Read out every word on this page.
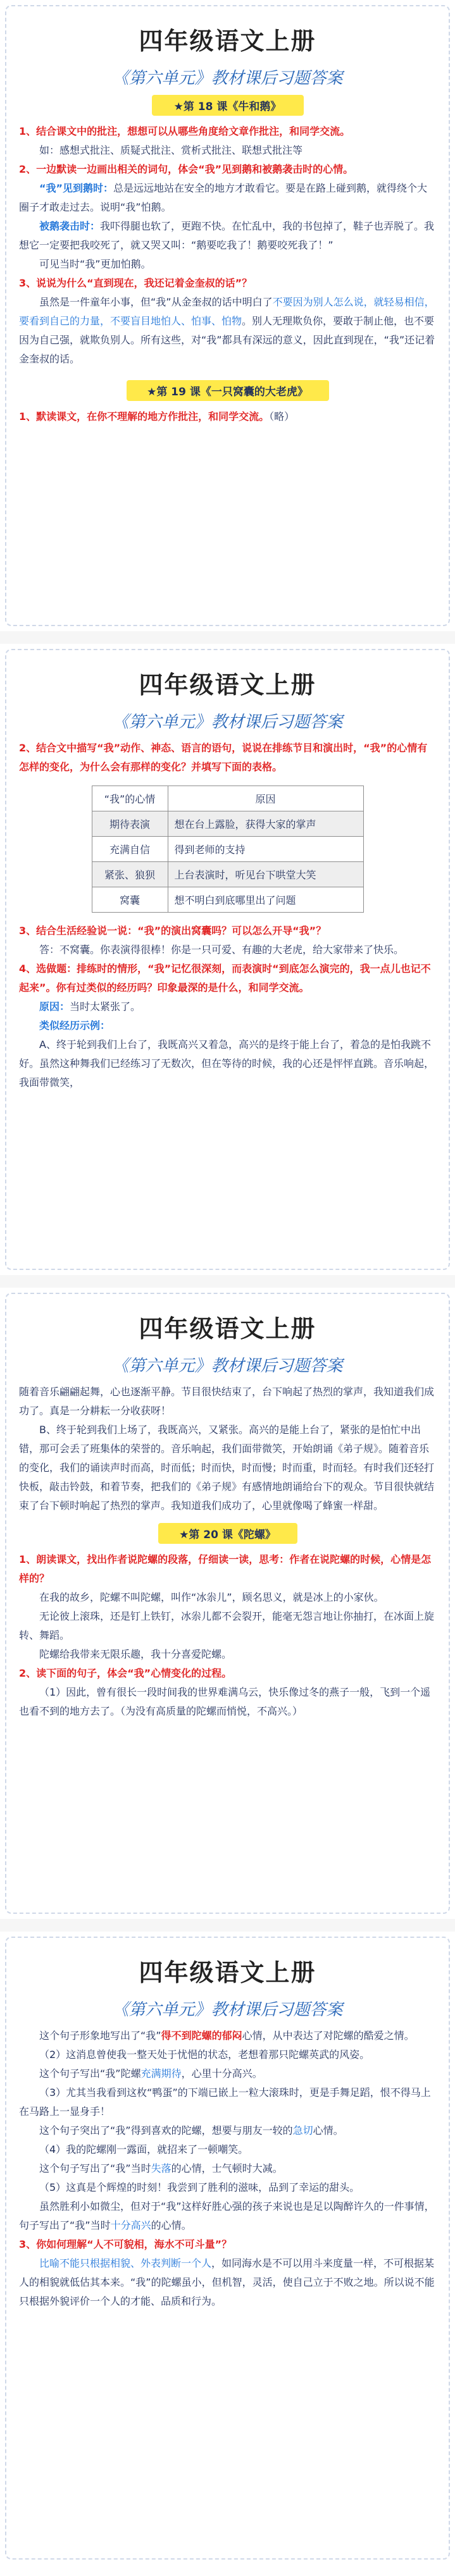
四年级语文上册
《第六单元》教材课后习题答案
★第 18 课《牛和鹅》

1、结合课文中的批注，想想可以从哪些角度给文章作批注，和同学交流。

如：感想式批注、质疑式批注、赏析式批注、联想式批注等

2、一边默读一边画出相关的词句，体会“我”见到鹅和被鹅袭击时的心情。

“我”见到鹅时：总是远远地站在安全的地方才敢看它。要是在路上碰到鹅，就得绕个大圈子才敢走过去。说明“我”怕鹅。

被鹅袭击时：我吓得腿也软了，更跑不快。在忙乱中，我的书包掉了，鞋子也弄脱了。我想它一定要把我咬死了，就又哭又叫：“鹅要吃我了！鹅要咬死我了！”

可见当时“我”更加怕鹅。

3、说说为什么“直到现在，我还记着金奎叔的话”？

虽然是一件童年小事，但“我”从金奎叔的话中明白了不要因为别人怎么说，就轻易相信，要看到自己的力量，不要盲目地怕人、怕事、怕物。别人无理欺负你，要敢于制止他，也不要因为自己强，就欺负别人。所有这些，对“我”都具有深远的意义，因此直到现在，“我”还记着金奎叔的话。

★第 19 课《一只窝囊的大老虎》

1、默读课文，在你不理解的地方作批注，和同学交流。（略）

四年级语文上册
《第六单元》教材课后习题答案

2、结合文中描写“我”动作、神态、语言的语句，说说在排练节目和演出时，“我”的心情有怎样的变化，为什么会有那样的变化？并填写下面的表格。

“我”的心情	原因
期待表演	想在台上露脸，获得大家的掌声
充满自信	得到老师的支持
紧张、狼狈	上台表演时，听见台下哄堂大笑
窝囊	想不明白到底哪里出了问题

3、结合生活经验说一说：“我”的演出窝囊吗？可以怎么开导“我”？

答：不窝囊。你表演得很棒！你是一只可爱、有趣的大老虎，给大家带来了快乐。

4、选做题：排练时的情形，“我”记忆很深刻，而表演时“到底怎么演完的，我一点儿也记不起来”。你有过类似的经历吗？印象最深的是什么，和同学交流。

原因：当时太紧张了。

类似经历示例：

A、终于轮到我们上台了，我既高兴又着急，高兴的是终于能上台了，着急的是怕我跳不好。虽然这种舞我们已经练习了无数次，但在等待的时候，我的心还是怦怦直跳。音乐响起，我面带微笑，

四年级语文上册
《第六单元》教材课后习题答案

随着音乐翩翩起舞，心也逐渐平静。节目很快结束了，台下响起了热烈的掌声，我知道我们成功了。真是一分耕耘一分收获呀！

B、终于轮到我们上场了，我既高兴，又紧张。高兴的是能上台了，紧张的是怕忙中出错，那可会丢了班集体的荣誉的。音乐响起，我们面带微笑，开始朗诵《弟子规》。随着音乐的变化，我们的诵读声时而高，时而低；时而快，时而慢；时而重，时而轻。有时我们还轻打快板，敲击铃鼓，和着节奏，把我们的《弟子规》有感情地朗诵给台下的观众。节目很快就结束了台下顿时响起了热烈的掌声。我知道我们成功了，心里就像喝了蜂蜜一样甜。

★第 20 课《陀螺》

1、朗读课文，找出作者说陀螺的段落，仔细读一读，思考：作者在说陀螺的时候，心情是怎样的？

在我的故乡，陀螺不叫陀螺，叫作“冰尜儿”，顾名思义，就是冰上的小家伙。

无论彼上滚珠，还是钉上铁钉，冰尜儿都不会裂开，能毫无怨言地让你抽打，在冰面上旋转、舞蹈。

陀螺给我带来无限乐趣，我十分喜爱陀螺。

2、读下面的句子，体会“我”心情变化的过程。

（1）因此，曾有很长一段时间我的世界难满乌云，快乐像过冬的燕子一般，飞到一个遥也看不到的地方去了。（为没有高质量的陀螺而悄悦，不高兴。）

四年级语文上册
《第六单元》教材课后习题答案

这个句子形象地写出了“我”得不到陀螺的郁闷心情，从中表达了对陀螺的酷爱之情。

（2）这消息曾使我一整天处于忧悒的状态，老想着那只陀螺英武的风姿。

这个句子写出“我”陀螺充满期待，心里十分高兴。

（3）尤其当我看到这枚“鸭蛋”的下端已嵌上一粒大滚珠时，更是手舞足蹈，恨不得马上在马路上一显身手！

这个句子突出了“我”得到喜欢的陀螺，想要与朋友一较的急切心情。

（4）我的陀螺刚一露面，就招来了一顿嘲笑。

这个句子写出了“我”当时失落的心情，士气顿时大减。

（5）这真是个辉煌的时刻！我尝到了胜利的滋味，品到了幸运的甜头。

虽然胜利小如微尘，但对于“我”这样好胜心强的孩子来说也是足以陶醉许久的一件事情，句子写出了“我”当时十分高兴的心情。

3、你如何理解“人不可貌相，海水不可斗量”？

比喻不能只根据相貌、外表判断一个人，如同海水是不可以用斗来度量一样，不可根据某人的相貌就低估其本来。“我”的陀螺虽小，但机智，灵活，使自己立于不败之地。所以说不能只根据外貌评价一个人的才能、品质和行为。
